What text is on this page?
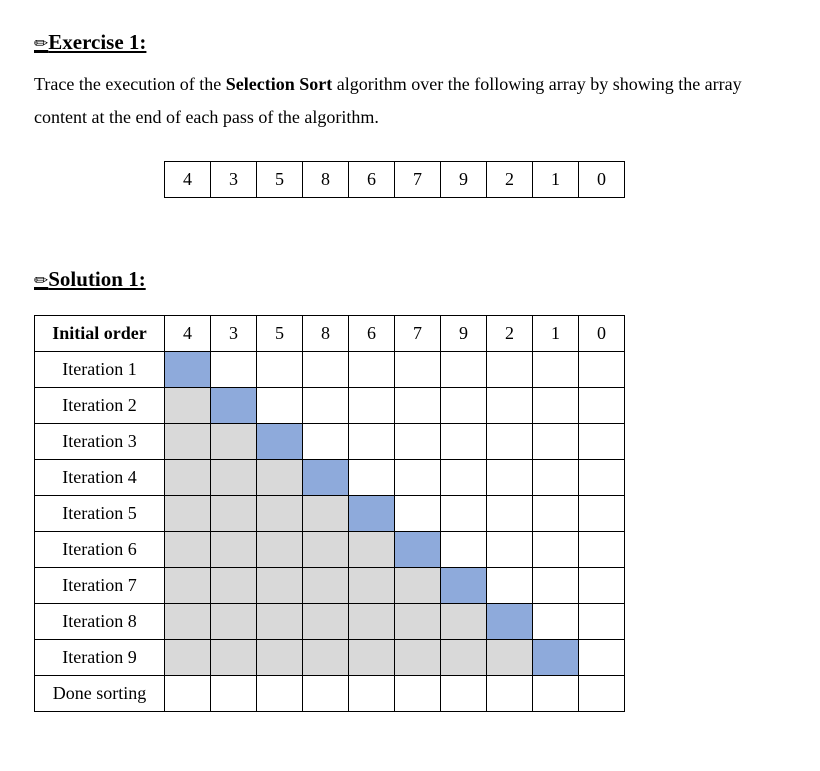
✏Exercise 1:
Trace the execution of the Selection Sort algorithm over the following array by showing the array content at the end of each pass of the algorithm.
4	3	5	8	6	7	9	2	1	0
✏Solution 1:
Initial order	4	3	5	8	6	7	9	2	1	0
Iteration 1										
Iteration 2										
Iteration 3										
Iteration 4										
Iteration 5										
Iteration 6										
Iteration 7										
Iteration 8										
Iteration 9										
Done sorting										
